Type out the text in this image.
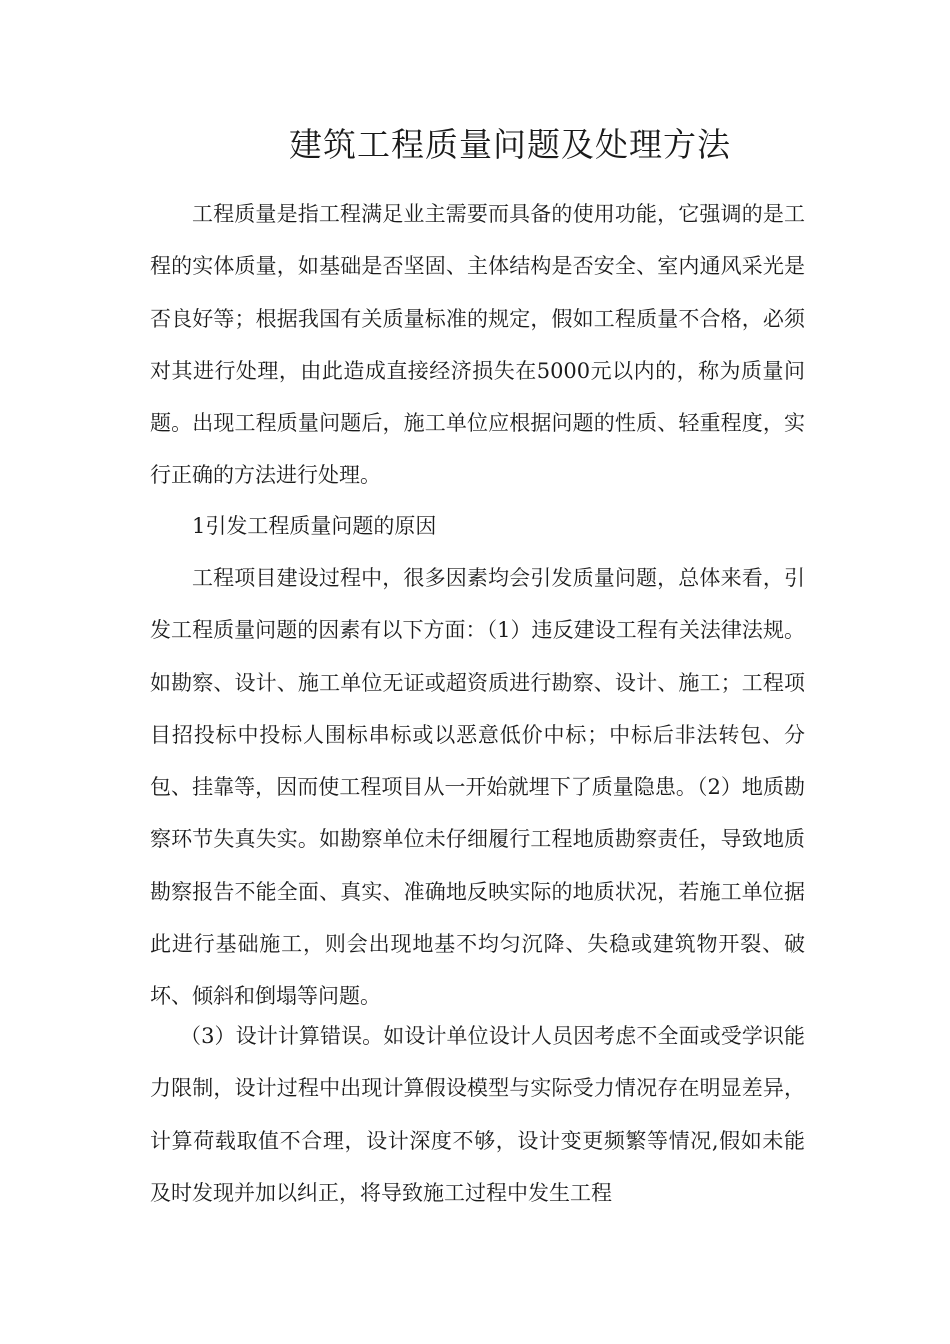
建筑工程质量问题及处理方法

工程质量是指工程满足业主需要而具备的使用功能，它强调的是工程的实体质量，如基础是否坚固、主体结构是否安全、室内通风采光是否良好等；根据我国有关质量标准的规定，假如工程质量不合格，必须对其进行处理，由此造成直接经济损失在5000元以内的，称为质量问题。出现工程质量问题后，施工单位应根据问题的性质、轻重程度，实行正确的方法进行处理。

1引发工程质量问题的原因

工程项目建设过程中，很多因素均会引发质量问题，总体来看，引发工程质量问题的因素有以下方面：（1）违反建设工程有关法律法规。如勘察、设计、施工单位无证或超资质进行勘察、设计、施工；工程项目招投标中投标人围标串标或以恶意低价中标；中标后非法转包、分包、挂靠等，因而使工程项目从一开始就埋下了质量隐患。（2）地质勘察环节失真失实。如勘察单位未仔细履行工程地质勘察责任，导致地质勘察报告不能全面、真实、准确地反映实际的地质状况，若施工单位据此进行基础施工，则会出现地基不均匀沉降、失稳或建筑物开裂、破坏、倾斜和倒塌等问题。

（3）设计计算错误。如设计单位设计人员因考虑不全面或受学识能力限制，设计过程中出现计算假设模型与实际受力情况存在明显差异，计算荷载取值不合理，设计深度不够，设计变更频繁等情况,假如未能及时发现并加以纠正，将导致施工过程中发生工程
